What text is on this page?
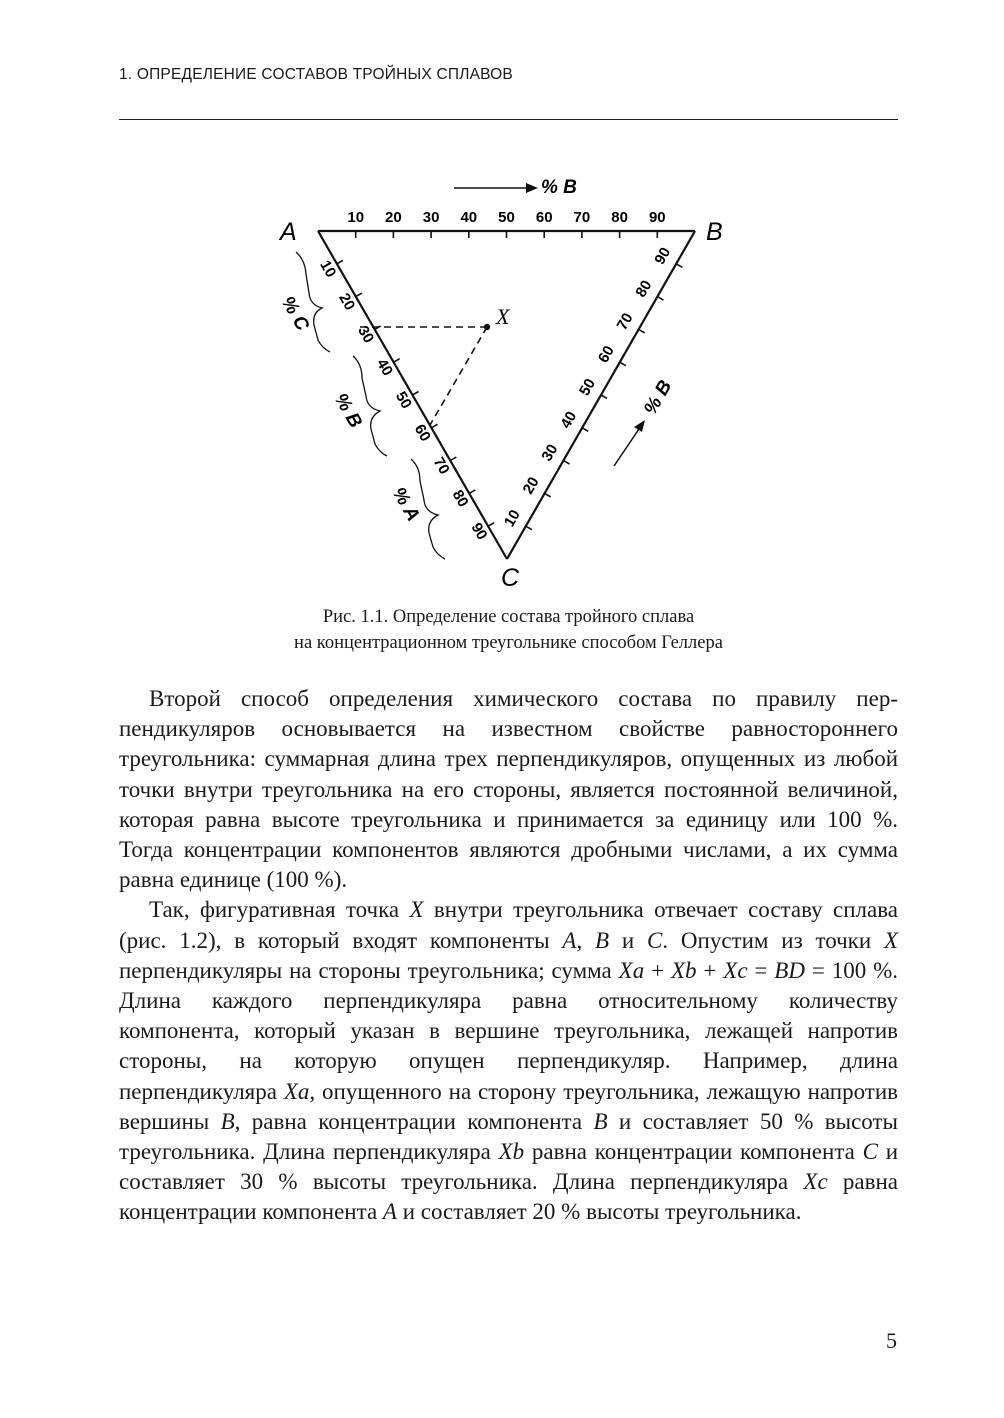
1. ОПРЕДЕЛЕНИЕ СОСТАВОВ ТРОЙНЫХ СПЛАВОВ
A	B
C
X
% B
% B
% C
% B
% A
10 20 30 40 50 60 70 80 90
10
20
30
40
50
60
70
80
90
10
20
30
40
50
60
70
80
90
Рис. 1.1. Определение состава тройного сплава
на концентрационном треугольнике способом Геллера

Второй способ определения химического состава по правилу перпендикуляров основывается на известном свойстве равностороннего треугольника: суммарная длина трех перпендикуляров, опущенных из любой точки внутри треугольника на его стороны, является постоянной величиной, которая равна высоте треугольника и принимается за единицу или 100 %. Тогда концентрации компонентов являются дробными числами, а их сумма равна единице (100 %).

Так, фигуративная точка X внутри треугольника отвечает составу сплава (рис. 1.2), в который входят компоненты A, B и C. Опустим из точки X перпендикуляры на стороны треугольника; сумма Xa + Xb + Xc = BD = 100 %. Длина каждого перпендикуляра равна относительному количеству компонента, который указан в вершине треугольника, лежащей напротив стороны, на которую опущен перпендикуляр. Например, длина перпендикуляра Xa, опущенного на сторону треугольника, лежащую напротив вершины B, равна концентрации компонента B и составляет 50 % высоты треугольника. Длина перпендикуляра Xb равна концентрации компонента C и составляет 30 % высоты треугольника. Длина перпендикуляра Xc равна концентрации компонента A и составляет 20 % высоты треугольника.

5
